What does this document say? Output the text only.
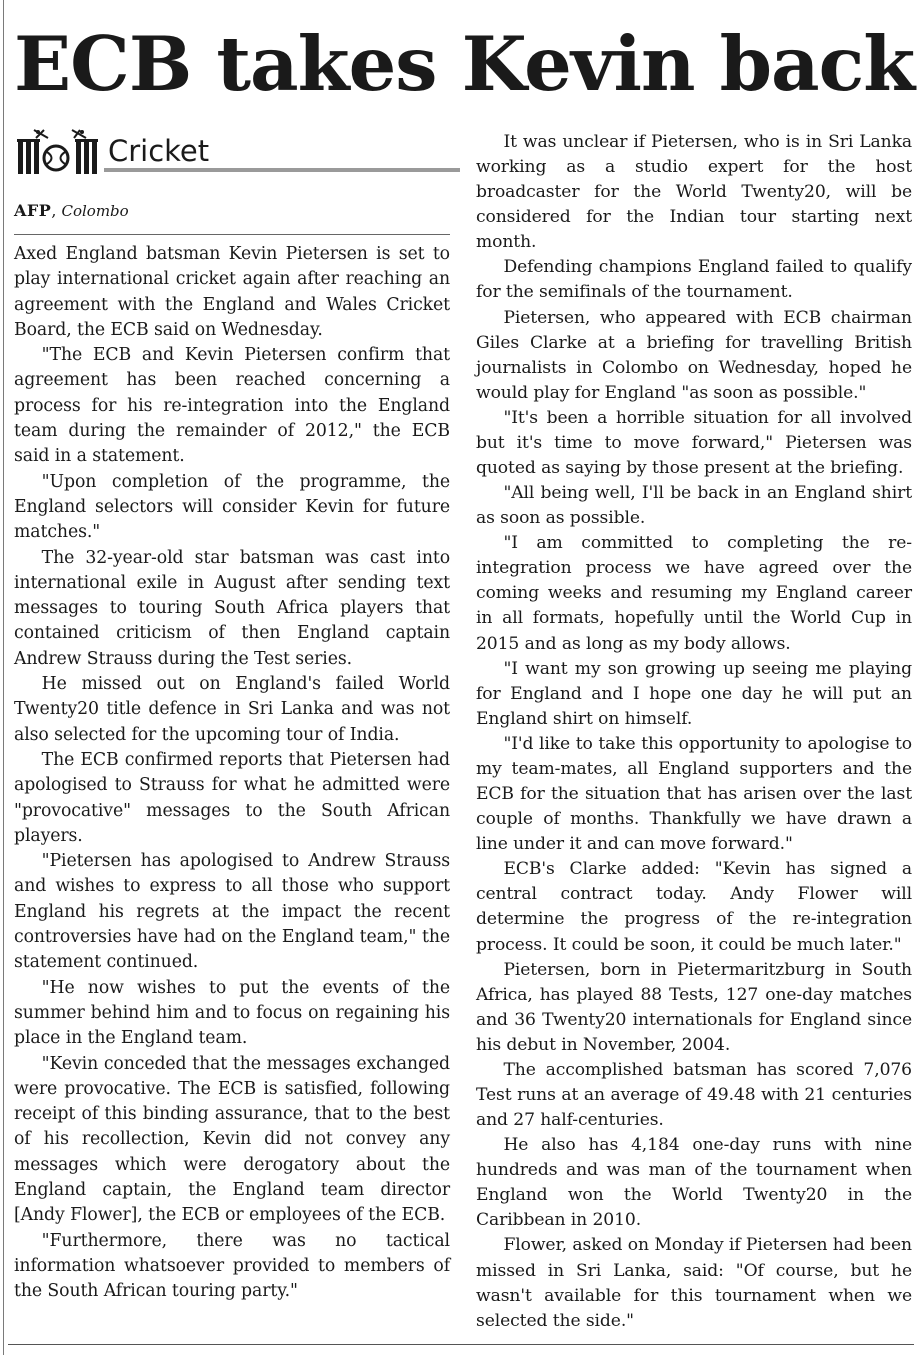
ECB takes Kevin back
Cricket
AFP, Colombo

Axed England batsman Kevin Pietersen is set to play international cricket again after reaching an agreement with the England and Wales Cricket Board, the ECB said on Wednesday.

"The ECB and Kevin Pietersen confirm that agreement has been reached concerning a process for his re-integration into the England team during the remainder of 2012," the ECB said in a statement.

"Upon completion of the programme, the England selectors will consider Kevin for future matches."

The 32-year-old star batsman was cast into international exile in August after sending text messages to touring South Africa players that contained criticism of then England captain Andrew Strauss during the Test series.

He missed out on England's failed World Twenty20 title defence in Sri Lanka and was not also selected for the upcoming tour of India.

The ECB confirmed reports that Pietersen had apologised to Strauss for what he admitted were "provocative" messages to the South African players.

"Pietersen has apologised to Andrew Strauss and wishes to express to all those who support England his regrets at the impact the recent controversies have had on the England team," the statement continued.

"He now wishes to put the events of the summer behind him and to focus on regaining his place in the England team.

"Kevin conceded that the messages exchanged were provocative. The ECB is satisfied, following receipt of this binding assurance, that to the best of his recollection, Kevin did not convey any messages which were derogatory about the England captain, the England team director [Andy Flower], the ECB or employees of the ECB.

"Furthermore, there was no tactical information whatsoever provided to members of the South African touring party."

It was unclear if Pietersen, who is in Sri Lanka working as a studio expert for the host broadcaster for the World Twenty20, will be considered for the Indian tour starting next month.

Defending champions England failed to qualify for the semifinals of the tournament.

Pietersen, who appeared with ECB chairman Giles Clarke at a briefing for travelling British journalists in Colombo on Wednesday, hoped he would play for England "as soon as possible."

"It's been a horrible situation for all involved but it's time to move forward," Pietersen was quoted as saying by those present at the briefing.

"All being well, I'll be back in an England shirt as soon as possible.

"I am committed to completing the re-integration process we have agreed over the coming weeks and resuming my England career in all formats, hopefully until the World Cup in 2015 and as long as my body allows.

"I want my son growing up seeing me playing for England and I hope one day he will put an England shirt on himself.

"I'd like to take this opportunity to apologise to my team-mates, all England supporters and the ECB for the situation that has arisen over the last couple of months. Thankfully we have drawn a line under it and can move forward."

ECB's Clarke added: "Kevin has signed a central contract today. Andy Flower will determine the progress of the re-integration process. It could be soon, it could be much later."

Pietersen, born in Pietermaritzburg in South Africa, has played 88 Tests, 127 one-day matches and 36 Twenty20 internationals for England since his debut in November, 2004.

The accomplished batsman has scored 7,076 Test runs at an average of 49.48 with 21 centuries and 27 half-centuries.

He also has 4,184 one-day runs with nine hundreds and was man of the tournament when England won the World Twenty20 in the Caribbean in 2010.

Flower, asked on Monday if Pietersen had been missed in Sri Lanka, said: "Of course, but he wasn't available for this tournament when we selected the side."
